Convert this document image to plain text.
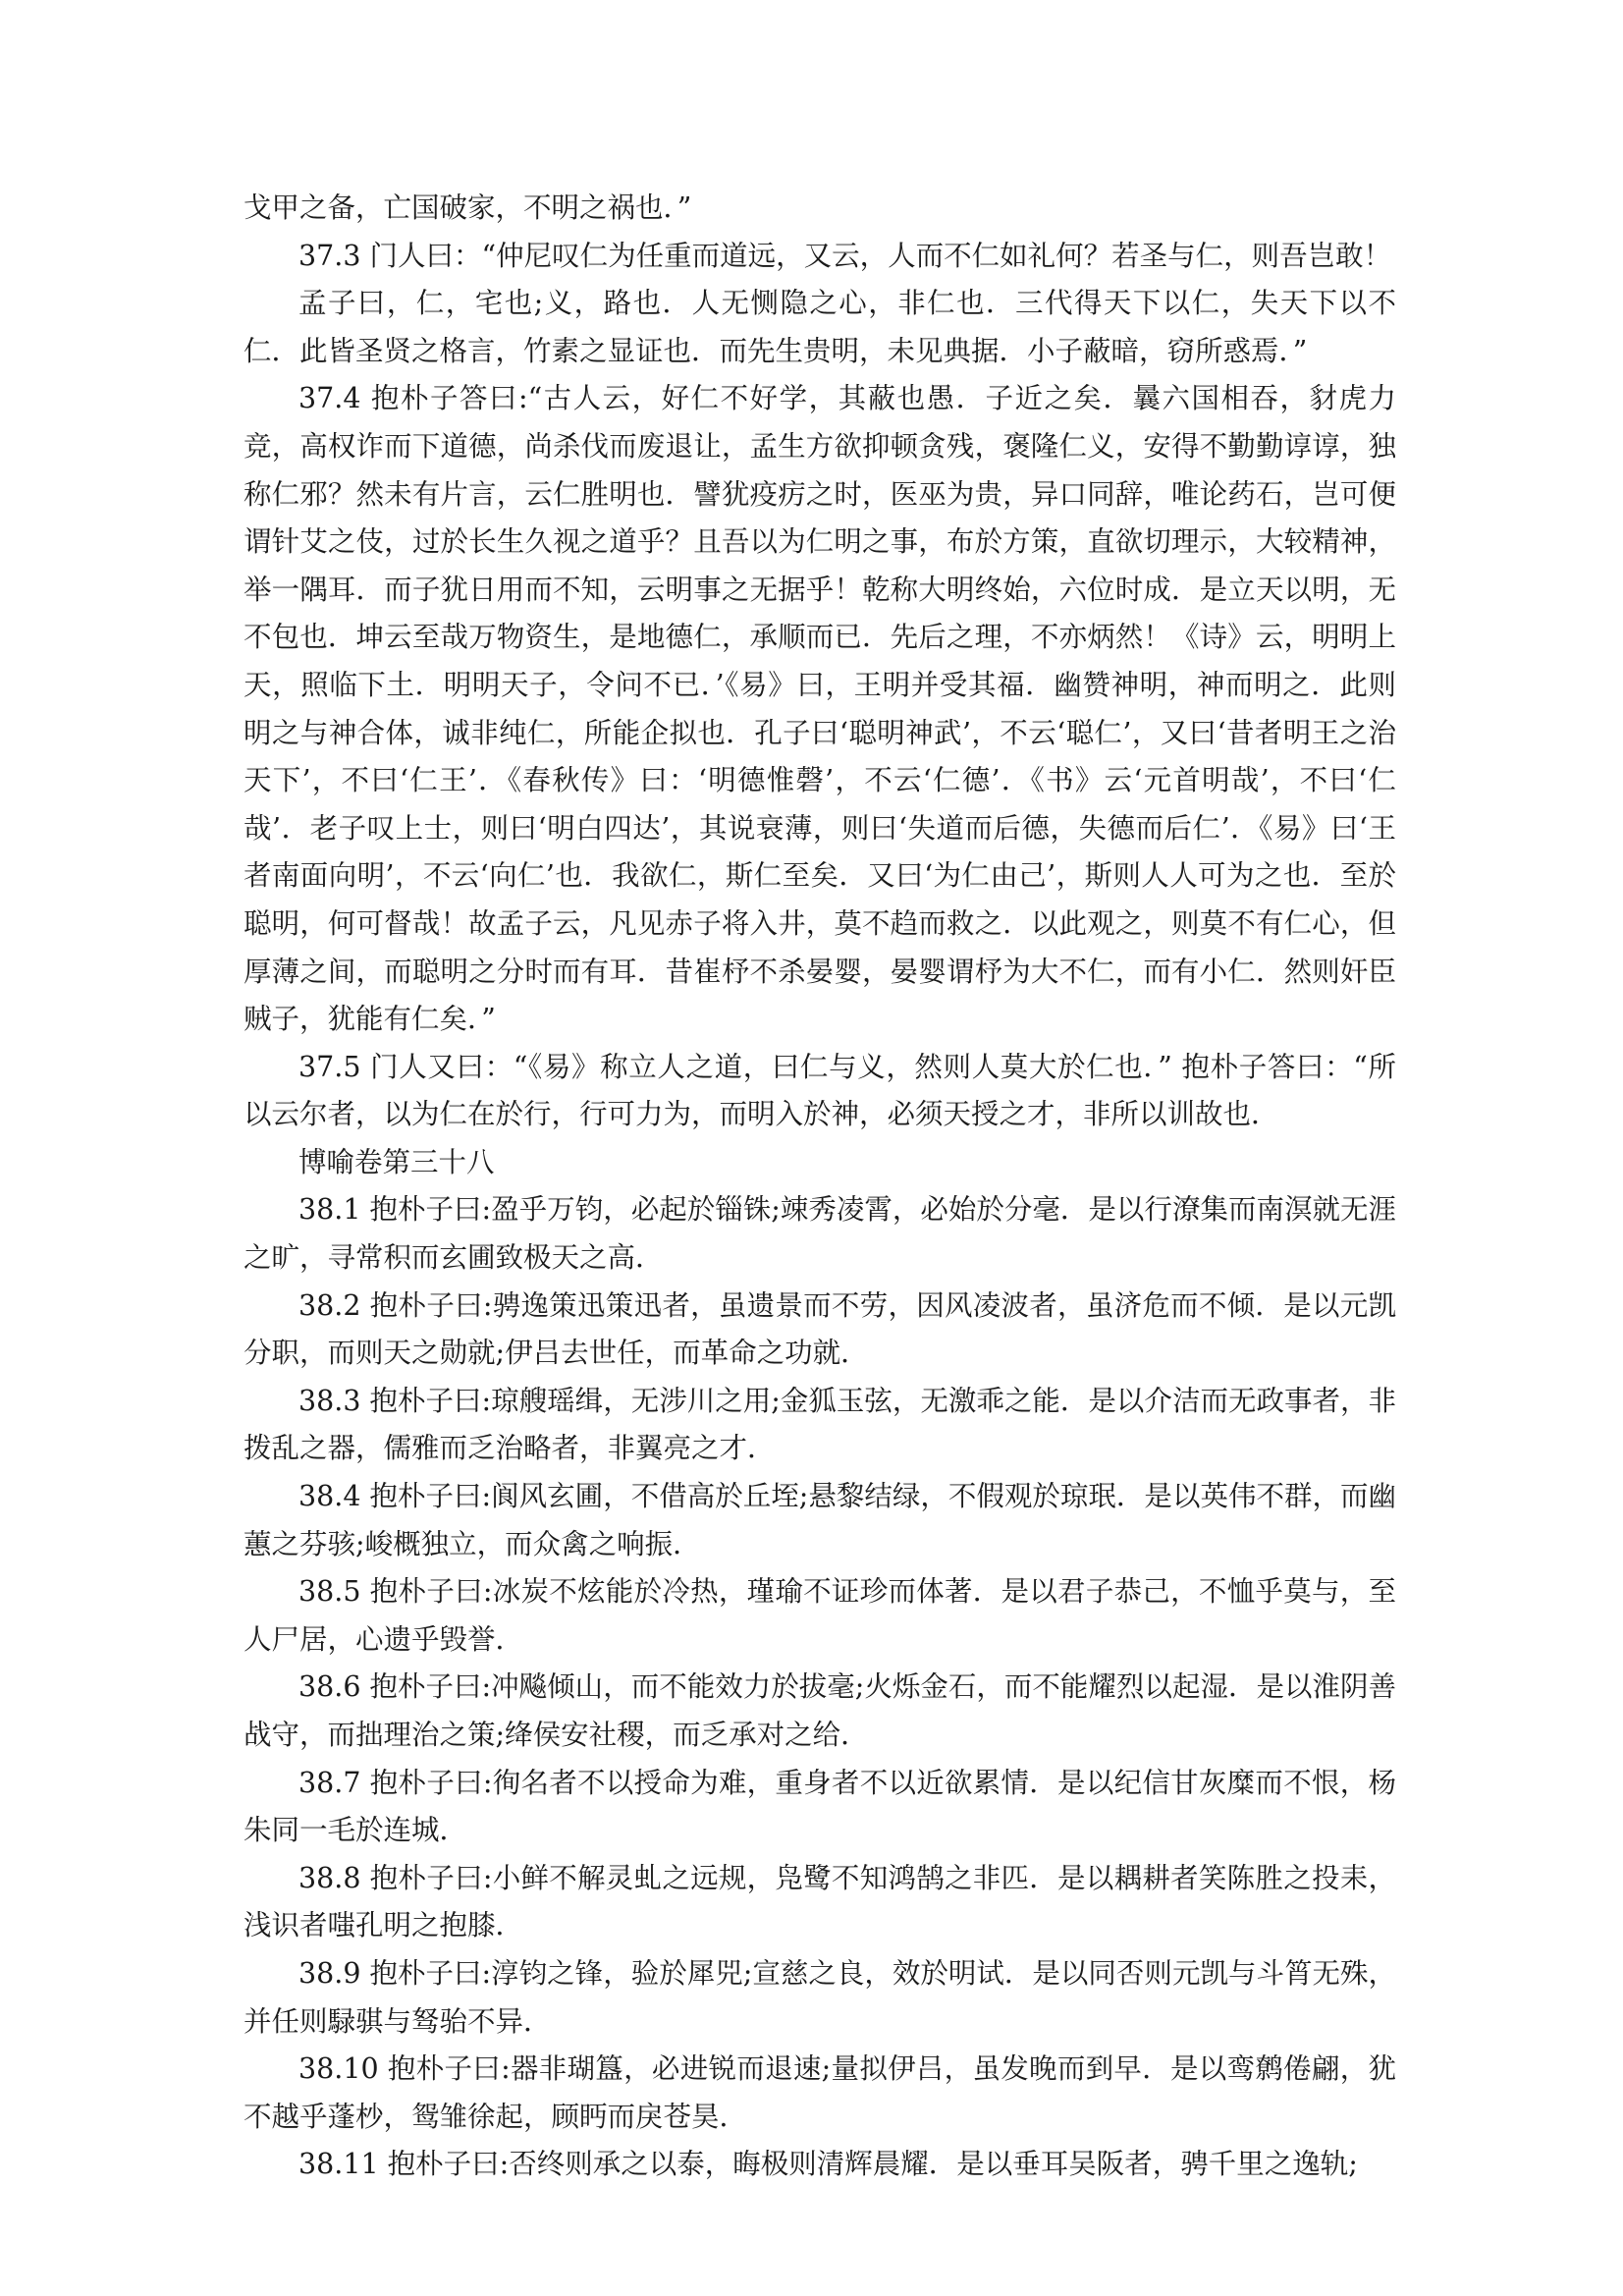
戈甲之备，亡国破家，不明之祸也．”

37.3 门人曰：“仲尼叹仁为任重而道远，又云，人而不仁如礼何？若圣与仁，则吾岂敢！

孟子曰，仁，宅也;义，路也．人无恻隐之心，非仁也．三代得天下以仁，失天下以不仁．此皆圣贤之格言，竹素之显证也．而先生贵明，未见典据．小子蔽暗，窃所惑焉．”

37.4 抱朴子答曰:“古人云，好仁不好学，其蔽也愚．子近之矣．曩六国相吞，豺虎力竞，高权诈而下道德，尚杀伐而废退让，孟生方欲抑顿贪残，褒隆仁义，安得不勤勤谆谆，独称仁邪？然未有片言，云仁胜明也．譬犹疫疠之时，医巫为贵，异口同辞，唯论药石，岂可便谓针艾之伎，过於长生久视之道乎？且吾以为仁明之事，布於方策，直欲切理示，大较精神，举一隅耳．而子犹日用而不知，云明事之无据乎！乾称大明终始，六位时成．是立天以明，无不包也．坤云至哉万物资生，是地德仁，承顺而已．先后之理，不亦炳然！《诗》云，明明上天，照临下土．明明天子，令问不已．’《易》曰，王明并受其福．幽赞神明，神而明之．此则明之与神合体，诚非纯仁，所能企拟也．孔子曰‘聪明神武’，不云‘聪仁’，又曰‘昔者明王之治天下’，不曰‘仁王’．《春秋传》曰：‘明德惟磬’，不云‘仁德’．《书》云‘元首明哉’，不曰‘仁哉’．老子叹上士，则曰‘明白四达’，其说衰薄，则曰‘失道而后德，失德而后仁’．《易》曰‘王者南面向明’，不云‘向仁’也．我欲仁，斯仁至矣．又曰‘为仁由己’，斯则人人可为之也．至於聪明，何可督哉！故孟子云，凡见赤子将入井，莫不趋而救之．以此观之，则莫不有仁心，但厚薄之间，而聪明之分时而有耳．昔崔杼不杀晏婴，晏婴谓杼为大不仁，而有小仁．然则奸臣贼子，犹能有仁矣．”

37.5 门人又曰：“《易》称立人之道，曰仁与义，然则人莫大於仁也．” 抱朴子答曰：“所以云尔者，以为仁在於行，行可力为，而明入於神，必须天授之才，非所以训故也．

博喻卷第三十八

38.1 抱朴子曰:盈乎万钧，必起於锱铢;竦秀凌霄，必始於分毫．是以行潦集而南溟就无涯之旷，寻常积而玄圃致极天之高．

38.2 抱朴子曰:骋逸策迅策迅者，虽遗景而不劳，因风凌波者，虽济危而不倾．是以元凯分职，而则天之勋就;伊吕去世任，而革命之功就．

38.3 抱朴子曰:琼艘瑶缉，无涉川之用;金狐玉弦，无激乖之能．是以介洁而无政事者，非拨乱之器，儒雅而乏治略者，非翼亮之才．

38.4 抱朴子曰:阆风玄圃，不借高於丘垤;悬黎结绿，不假观於琼珉．是以英伟不群，而幽蕙之芬骇;峻概独立，而众禽之响振．

38.5 抱朴子曰:冰炭不炫能於冷热，瑾瑜不证珍而体著．是以君子恭己，不恤乎莫与，至人尸居，心遗乎毁誉．

38.6 抱朴子曰:冲飚倾山，而不能效力於拔毫;火烁金石，而不能耀烈以起湿．是以淮阴善战守，而拙理治之策;绛侯安社稷，而乏承对之给．

38.7 抱朴子曰:徇名者不以授命为难，重身者不以近欲累情．是以纪信甘灰糜而不恨，杨朱同一毛於连城．

38.8 抱朴子曰:小鲜不解灵虬之远规，凫鹭不知鸿鹄之非匹．是以耦耕者笑陈胜之投耒，浅识者嗤孔明之抱膝．

38.9 抱朴子曰:淳钧之锋，验於犀兕;宣慈之良，效於明试．是以同否则元凯与斗筲无殊，并任则騄骐与驽骀不异．

38.10 抱朴子曰:器非瑚簋，必进锐而退速;量拟伊吕，虽发晚而到早．是以鸾鹩倦翩，犹不越乎蓬杪，鸳雏徐起，顾眄而戾苍昊．

38.11 抱朴子曰:否终则承之以泰，晦极则清辉晨耀．是以垂耳吴阪者，骋千里之逸轨;
